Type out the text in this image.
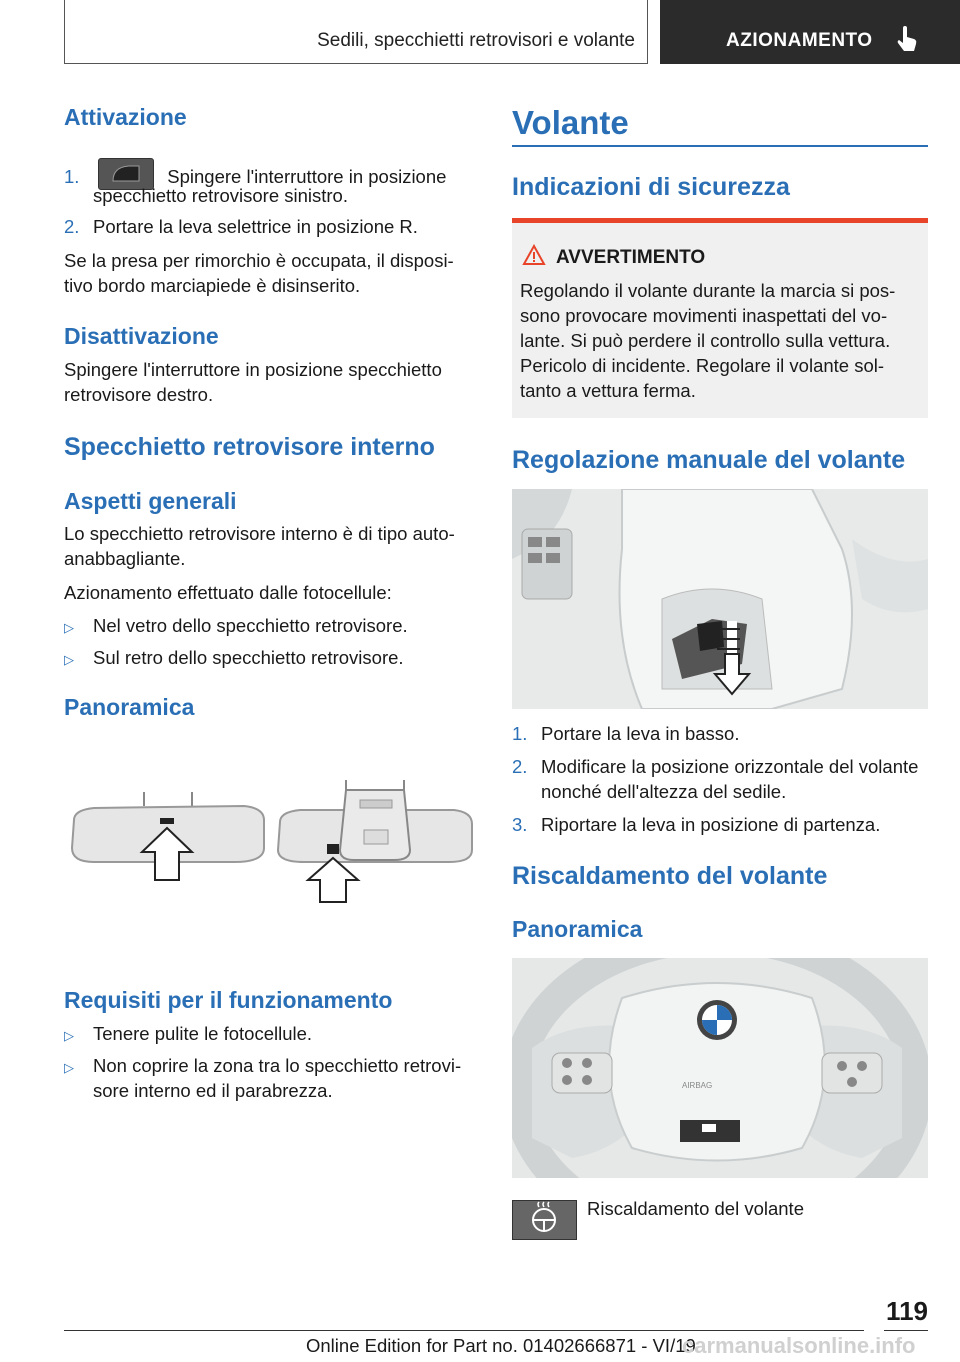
Sedili, specchietti retrovisori e volante	AZIONAMENTO
Attivazione
1.	Spingere l'interruttore in posizione
specchietto retrovisore sinistro.
2. Portare la leva selettrice in posizione R.
Se la presa per rimorchio è occupata, il disposi-
tivo bordo marciapiede è disinserito.
Disattivazione
Spingere l'interruttore in posizione specchietto
retrovisore destro.
Specchietto retrovisore interno
Aspetti generali
Lo specchietto retrovisore interno è di tipo auto-
anabbagliante.
Azionamento effettuato dalle fotocellule:
▷ Nel vetro dello specchietto retrovisore.
▷ Sul retro dello specchietto retrovisore.
Panoramica
Requisiti per il funzionamento
▷ Tenere pulite le fotocellule.
▷ Non coprire la zona tra lo specchietto retrovi-
sore interno ed il parabrezza.
Volante
Indicazioni di sicurezza
AVVERTIMENTO
Regolando il volante durante la marcia si pos-
sono provocare movimenti inaspettati del vo-
lante. Si può perdere il controllo sulla vettura.
Pericolo di incidente. Regolare il volante sol-
tanto a vettura ferma.
Regolazione manuale del volante
1. Portare la leva in basso.
2. Modificare la posizione orizzontale del volante
nonché dell'altezza del sedile.
3. Riportare la leva in posizione di partenza.
Riscaldamento del volante
Panoramica
AIRBAG
Riscaldamento del volante
119
Online Edition for Part no. 01402666871 - VI/19
carmanualsonline.info
